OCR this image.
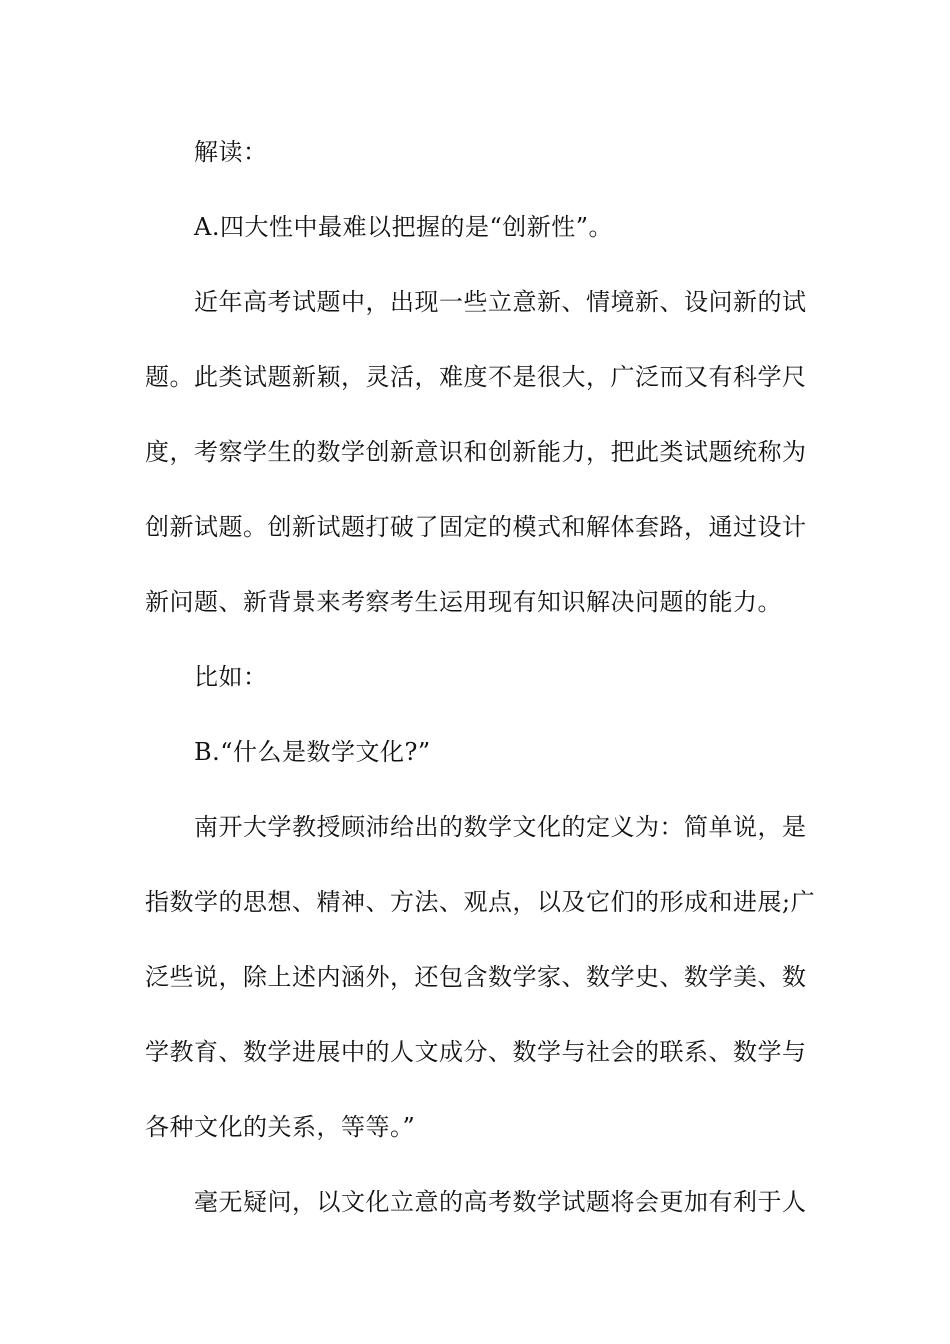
解读：
A.四大性中最难以把握的是“创新性”。
近年高考试题中，出现一些立意新、情境新、设问新的试
题。此类试题新颖，灵活，难度不是很大，广泛而又有科学尺
度，考察学生的数学创新意识和创新能力，把此类试题统称为
创新试题。创新试题打破了固定的模式和解体套路，通过设计
新问题、新背景来考察考生运用现有知识解决问题的能力。
比如：
B.“什么是数学文化?”
南开大学教授顾沛给出的数学文化的定义为：简单说，是
指数学的思想、精神、方法、观点，以及它们的形成和进展;广
泛些说，除上述内涵外，还包含数学家、数学史、数学美、数
学教育、数学进展中的人文成分、数学与社会的联系、数学与
各种文化的关系，等等。”
毫无疑问，以文化立意的高考数学试题将会更加有利于人
